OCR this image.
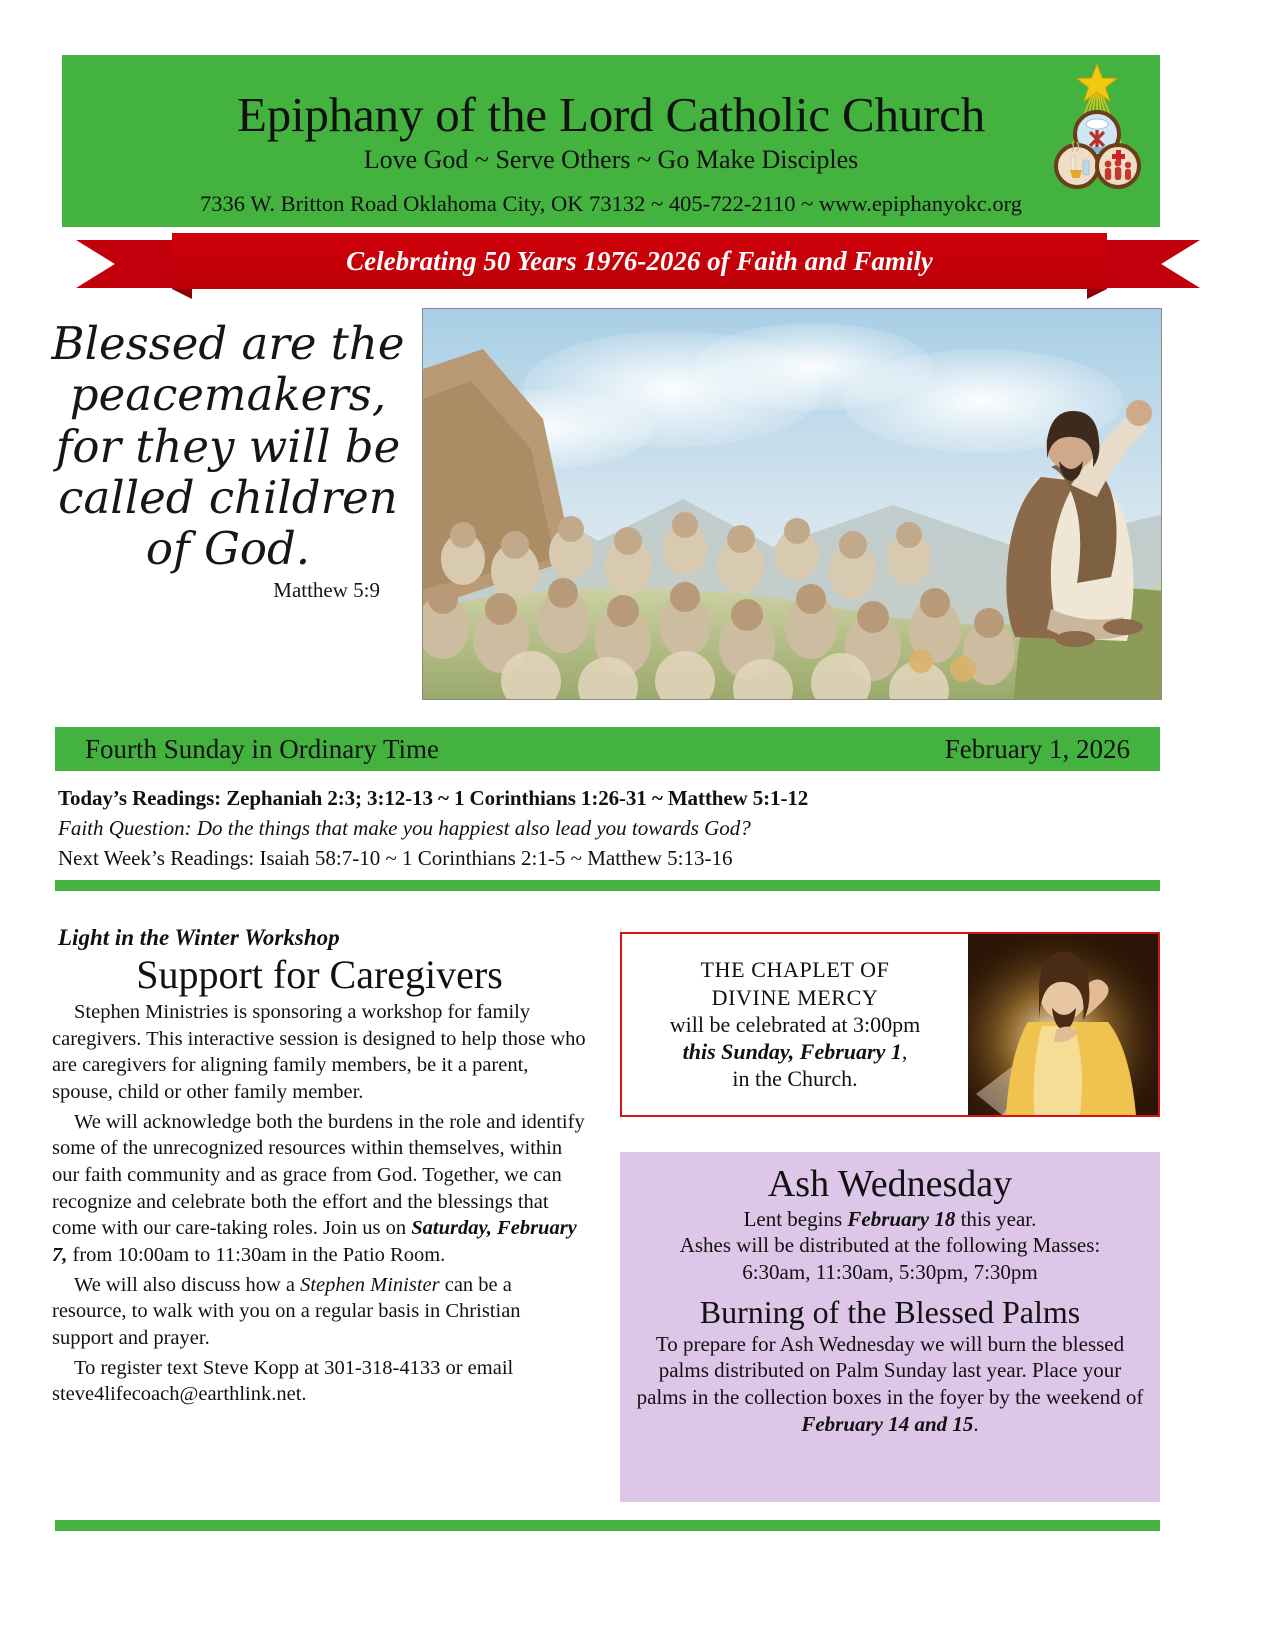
Epiphany of the Lord Catholic Church
Love God ~ Serve Others ~ Go Make Disciples
7336 W. Britton Road Oklahoma City, OK 73132 ~ 405-722-2110 ~ www.epiphanyokc.org
Celebrating 50 Years 1976-2026 of Faith and Family
Blessed are the peacemakers, for they will be called children of God.
Matthew 5:9
Fourth Sunday in Ordinary Time	February 1, 2026
Today’s Readings: Zephaniah 2:3; 3:12-13 ~ 1 Corinthians 1:26-31 ~ Matthew 5:1-12
Faith Question: Do the things that make you happiest also lead you towards God?
Next Week’s Readings: Isaiah 58:7-10 ~ 1 Corinthians 2:1-5 ~ Matthew 5:13-16
Light in the Winter Workshop
Support for Caregivers

Stephen Ministries is sponsoring a workshop for family caregivers. This interactive session is designed to help those who are caregivers for aligning family members, be it a parent, spouse, child or other family member.

We will acknowledge both the burdens in the role and identify some of the unrecognized resources within themselves, within our faith community and as grace from God. Together, we can recognize and celebrate both the effort and the blessings that come with our care-taking roles. Join us on Saturday, February 7, from 10:00am to 11:30am in the Patio Room.

We will also discuss how a Stephen Minister can be a resource, to walk with you on a regular basis in Christian support and prayer.

To register text Steve Kopp at 301-318-4133 or email steve4lifecoach@earthlink.net.

THE CHAPLET OF
DIVINE MERCY
will be celebrated at 3:00pm
this Sunday, February 1,
in the Church.
Ash Wednesday
Lent begins February 18 this year.
Ashes will be distributed at the following Masses:
6:30am, 11:30am, 5:30pm, 7:30pm
Burning of the Blessed Palms
To prepare for Ash Wednesday we will burn the blessed palms distributed on Palm Sunday last year. Place your palms in the collection boxes in the foyer by the weekend of February 14 and 15.
